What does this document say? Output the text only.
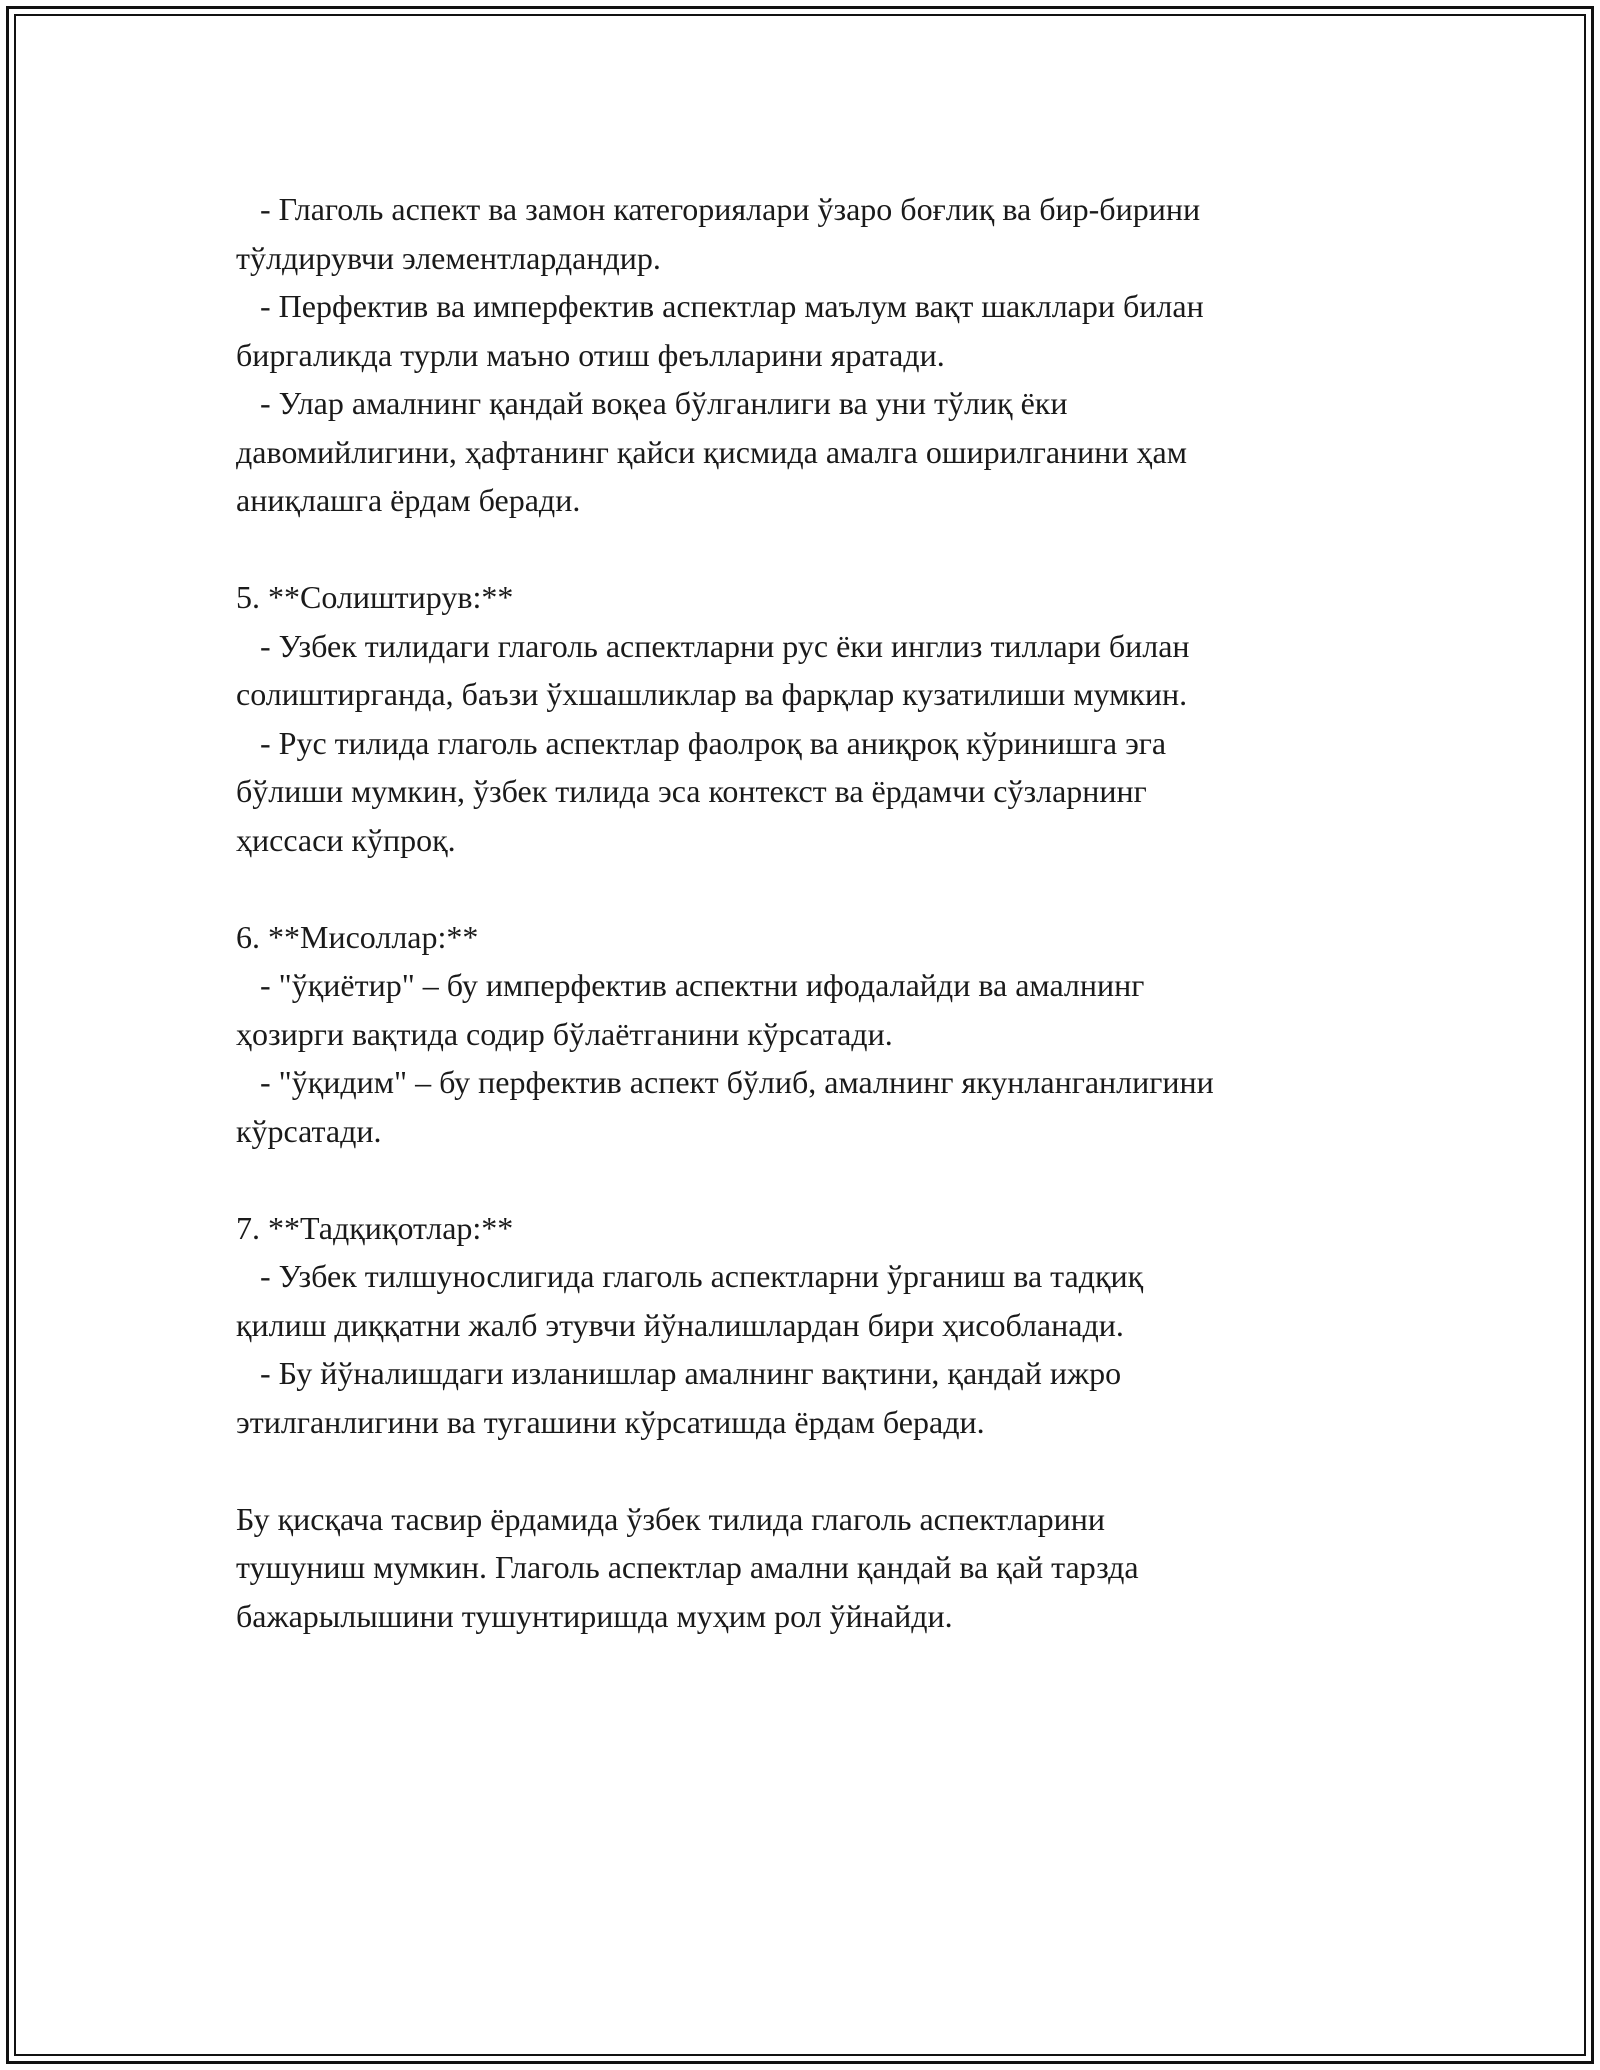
- Глаголь аспект ва замон категориялари ўзаро боғлиқ ва бир-бирини
тўлдирувчи элементлардандир.
- Перфектив ва имперфектив аспектлар маълум вақт шакллари билан
биргаликда турли маъно отиш феълларини яратади.
- Улар амалнинг қандай воқеа бўлганлиги ва уни тўлиқ ёки
давомийлигини, ҳафтанинг қайси қисмида амалга оширилганини ҳам
аниқлашга ёрдам беради.
5. **Солиштирув:**
- Узбек тилидаги глаголь аспектларни рус ёки инглиз тиллари билан
солиштирганда, баъзи ўхшашликлар ва фарқлар кузатилиши мумкин.
- Рус тилида глаголь аспектлар фаолроқ ва аниқроқ кўринишга эга
бўлиши мумкин, ўзбек тилида эса контекст ва ёрдамчи сўзларнинг
ҳиссаси кўпроқ.
6. **Мисоллар:**
- "ўқиётир" – бу имперфектив аспектни ифодалайди ва амалнинг
ҳозирги вақтида содир бўлаётганини кўрсатади.
- "ўқидим" – бу перфектив аспект бўлиб, амалнинг якунланганлигини
кўрсатади.
7. **Тадқиқотлар:**
- Узбек тилшунослигида глаголь аспектларни ўрганиш ва тадқиқ
қилиш диққатни жалб этувчи йўналишлардан бири ҳисобланади.
- Бу йўналишдаги изланишлар амалнинг вақтини, қандай ижро
этилганлигини ва тугашини кўрсатишда ёрдам беради.
Бу қисқача тасвир ёрдамида ўзбек тилида глаголь аспектларини
тушуниш мумкин. Глаголь аспектлар амални қандай ва қай тарзда
бажарылышини тушунтиришда муҳим рол ўйнайди.
